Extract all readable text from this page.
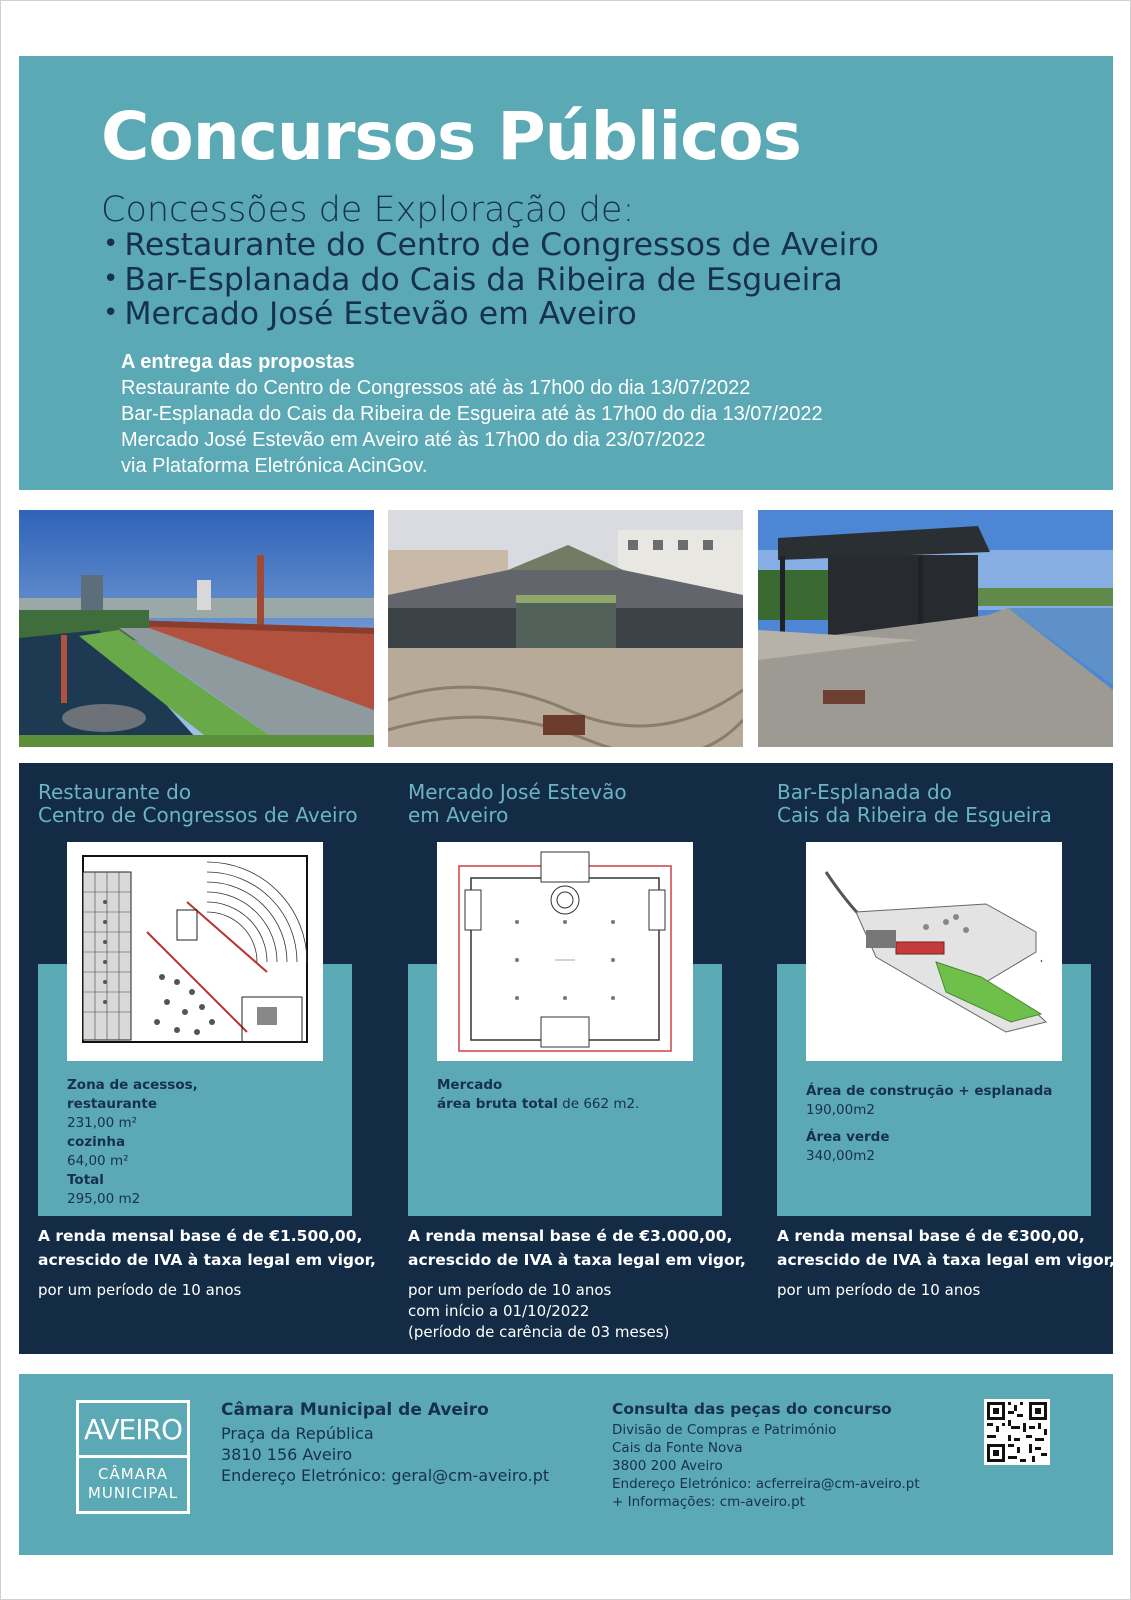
Concursos Públicos
Concessões de Exploração de:
• Restaurante do Centro de Congressos de Aveiro
• Bar-Esplanada do Cais da Ribeira de Esgueira
• Mercado José Estevão em Aveiro
A entrega das propostas
Restaurante do Centro de Congressos até às 17h00 do dia 13/07/2022
Bar-Esplanada do Cais da Ribeira de Esgueira até às 17h00 do dia 13/07/2022
Mercado José Estevão em Aveiro até às 17h00 do dia 23/07/2022
via Plataforma Eletrónica AcinGov.
Restaurante do
Centro de Congressos de Aveiro
Zona de acessos,
restaurante
231,00 m²
cozinha
64,00 m²
Total
295,00 m2
A renda mensal base é de €1.500,00,
acrescido de IVA à taxa legal em vigor,
por um período de 10 anos
Mercado José Estevão
em Aveiro
Mercado
área bruta total de 662 m2.
A renda mensal base é de €3.000,00,
acrescido de IVA à taxa legal em vigor,
por um período de 10 anos
com início a 01/10/2022
(período de carência de 03 meses)
Bar-Esplanada do
Cais da Ribeira de Esgueira
Área de construção + esplanada
190,00m2
Área verde
340,00m2
A renda mensal base é de €300,00,
acrescido de IVA à taxa legal em vigor,
por um período de 10 anos
AVEIRO
CÂMARA
MUNICIPAL
Câmara Municipal de Aveiro
Praça da República
3810 156 Aveiro
Endereço Eletrónico: geral@cm-aveiro.pt
Consulta das peças do concurso
Divisão de Compras e Património
Cais da Fonte Nova
3800 200 Aveiro
Endereço Eletrónico: acferreira@cm-aveiro.pt
+ Informações: cm-aveiro.pt
